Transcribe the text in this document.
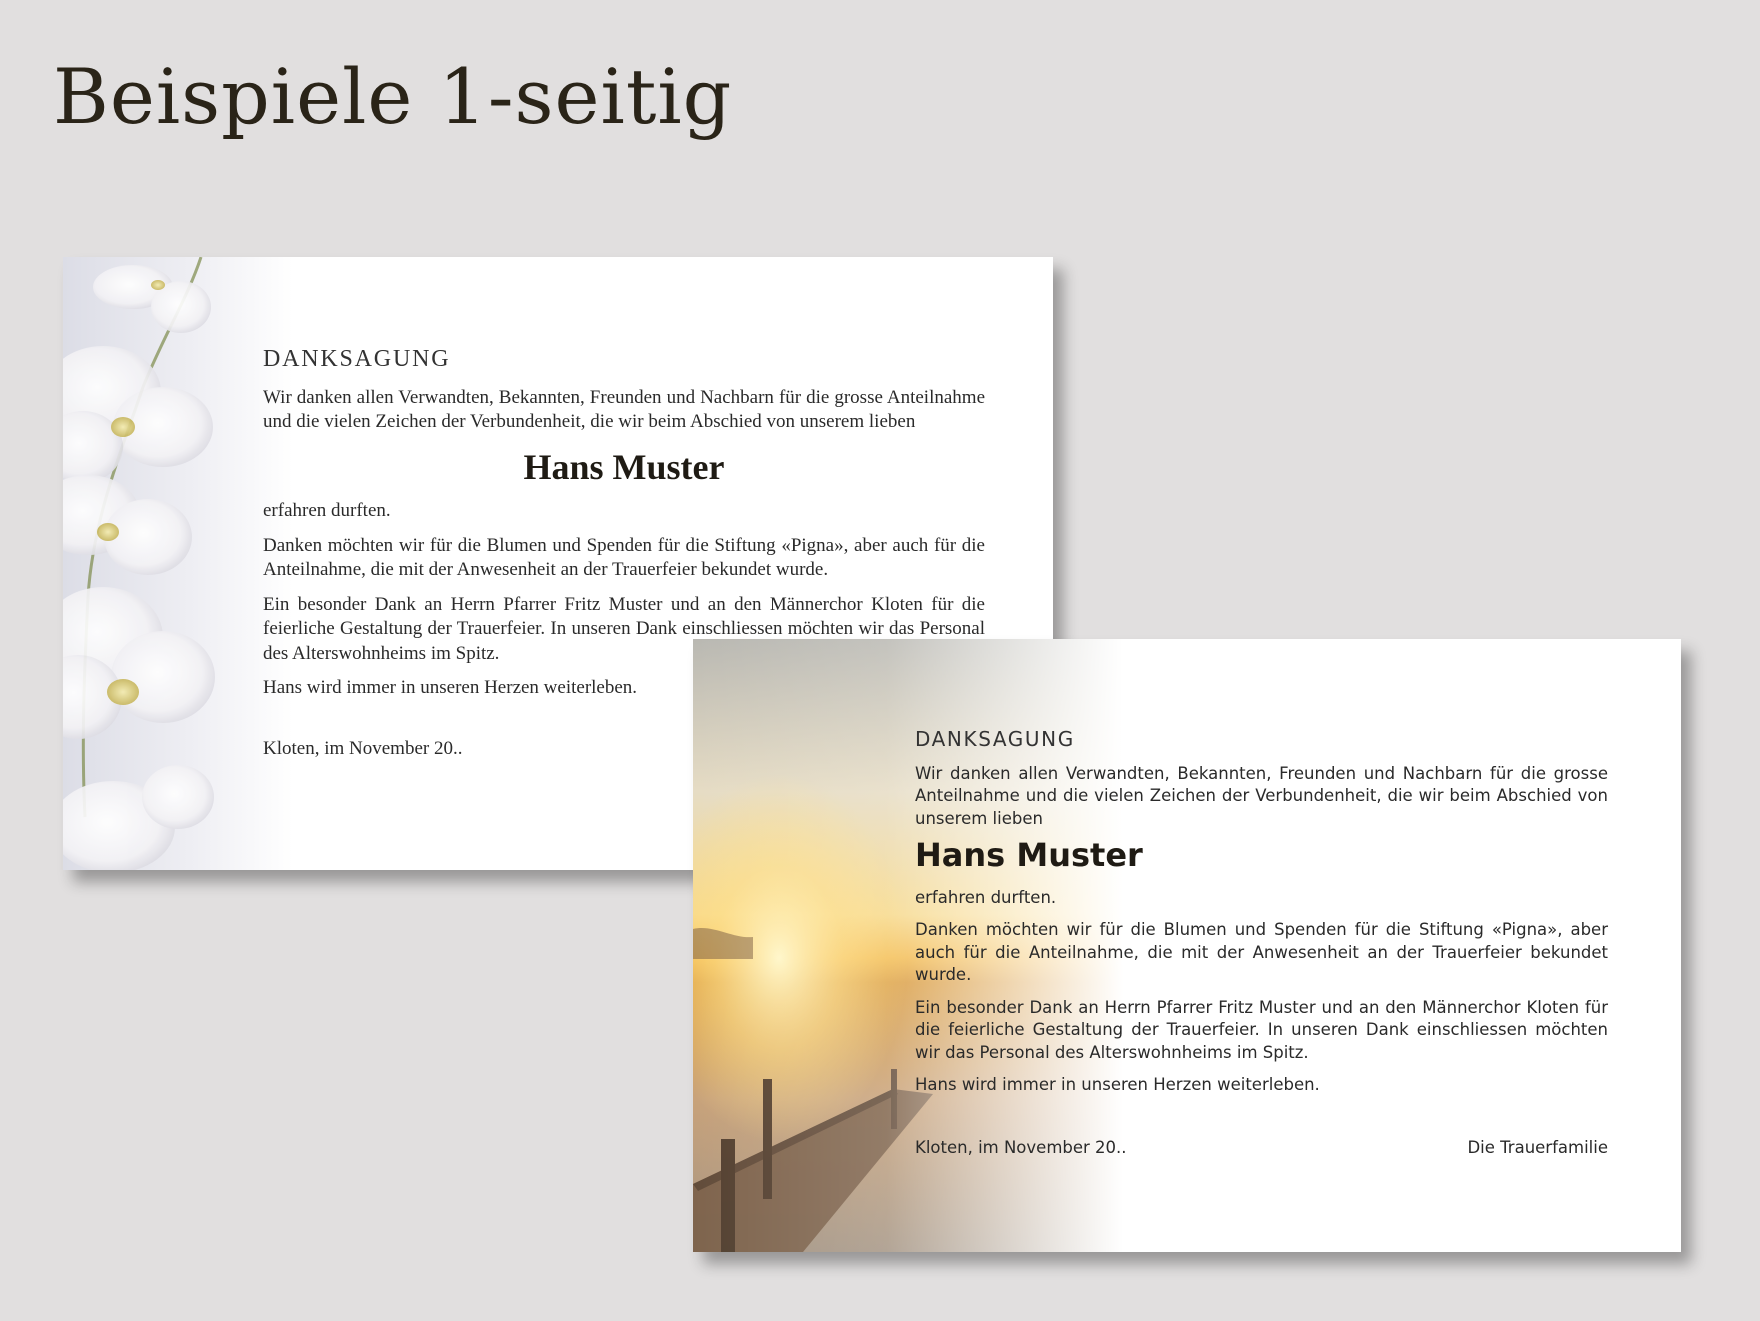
Beispiele 1-seitig
DANKSAGUNG

Wir danken allen Verwandten, Bekannten, Freunden und Nachbarn für die grosse Anteilnahme und die vielen Zeichen der Verbundenheit, die wir beim Abschied von unserem lieben

Hans Muster

erfahren durften.

Danken möchten wir für die Blumen und Spenden für die Stiftung «Pigna», aber auch für die Anteilnahme, die mit der Anwesenheit an der Trauerfeier bekundet wurde.

Ein besonder Dank an Herrn Pfarrer Fritz Muster und an den Männerchor Kloten für die feierliche Gestaltung der Trauerfeier. In unseren Dank einschliessen möchten wir das Personal des Alterswohnheims im Spitz.

Hans wird immer in unseren Herzen weiterleben.

Kloten, im November 20..	DANKSAGUNG

Wir danken allen Verwandten, Bekannten, Freunden und Nachbarn für die grosse Anteilnahme und die vielen Zeichen der Verbundenheit, die wir beim Abschied von unserem lieben

Hans Muster

erfahren durften.

Danken möchten wir für die Blumen und Spenden für die Stiftung «Pigna», aber auch für die Anteilnahme, die mit der Anwesenheit an der Trauerfeier bekundet wurde.

Ein besonder Dank an Herrn Pfarrer Fritz Muster und an den Männerchor Kloten für die feierliche Gestaltung der Trauerfeier. In unseren Dank einschliessen möchten wir das Personal des Alterswohnheims im Spitz.

Hans wird immer in unseren Herzen weiterleben.

Kloten, im November 20..	Die Trauerfamilie
